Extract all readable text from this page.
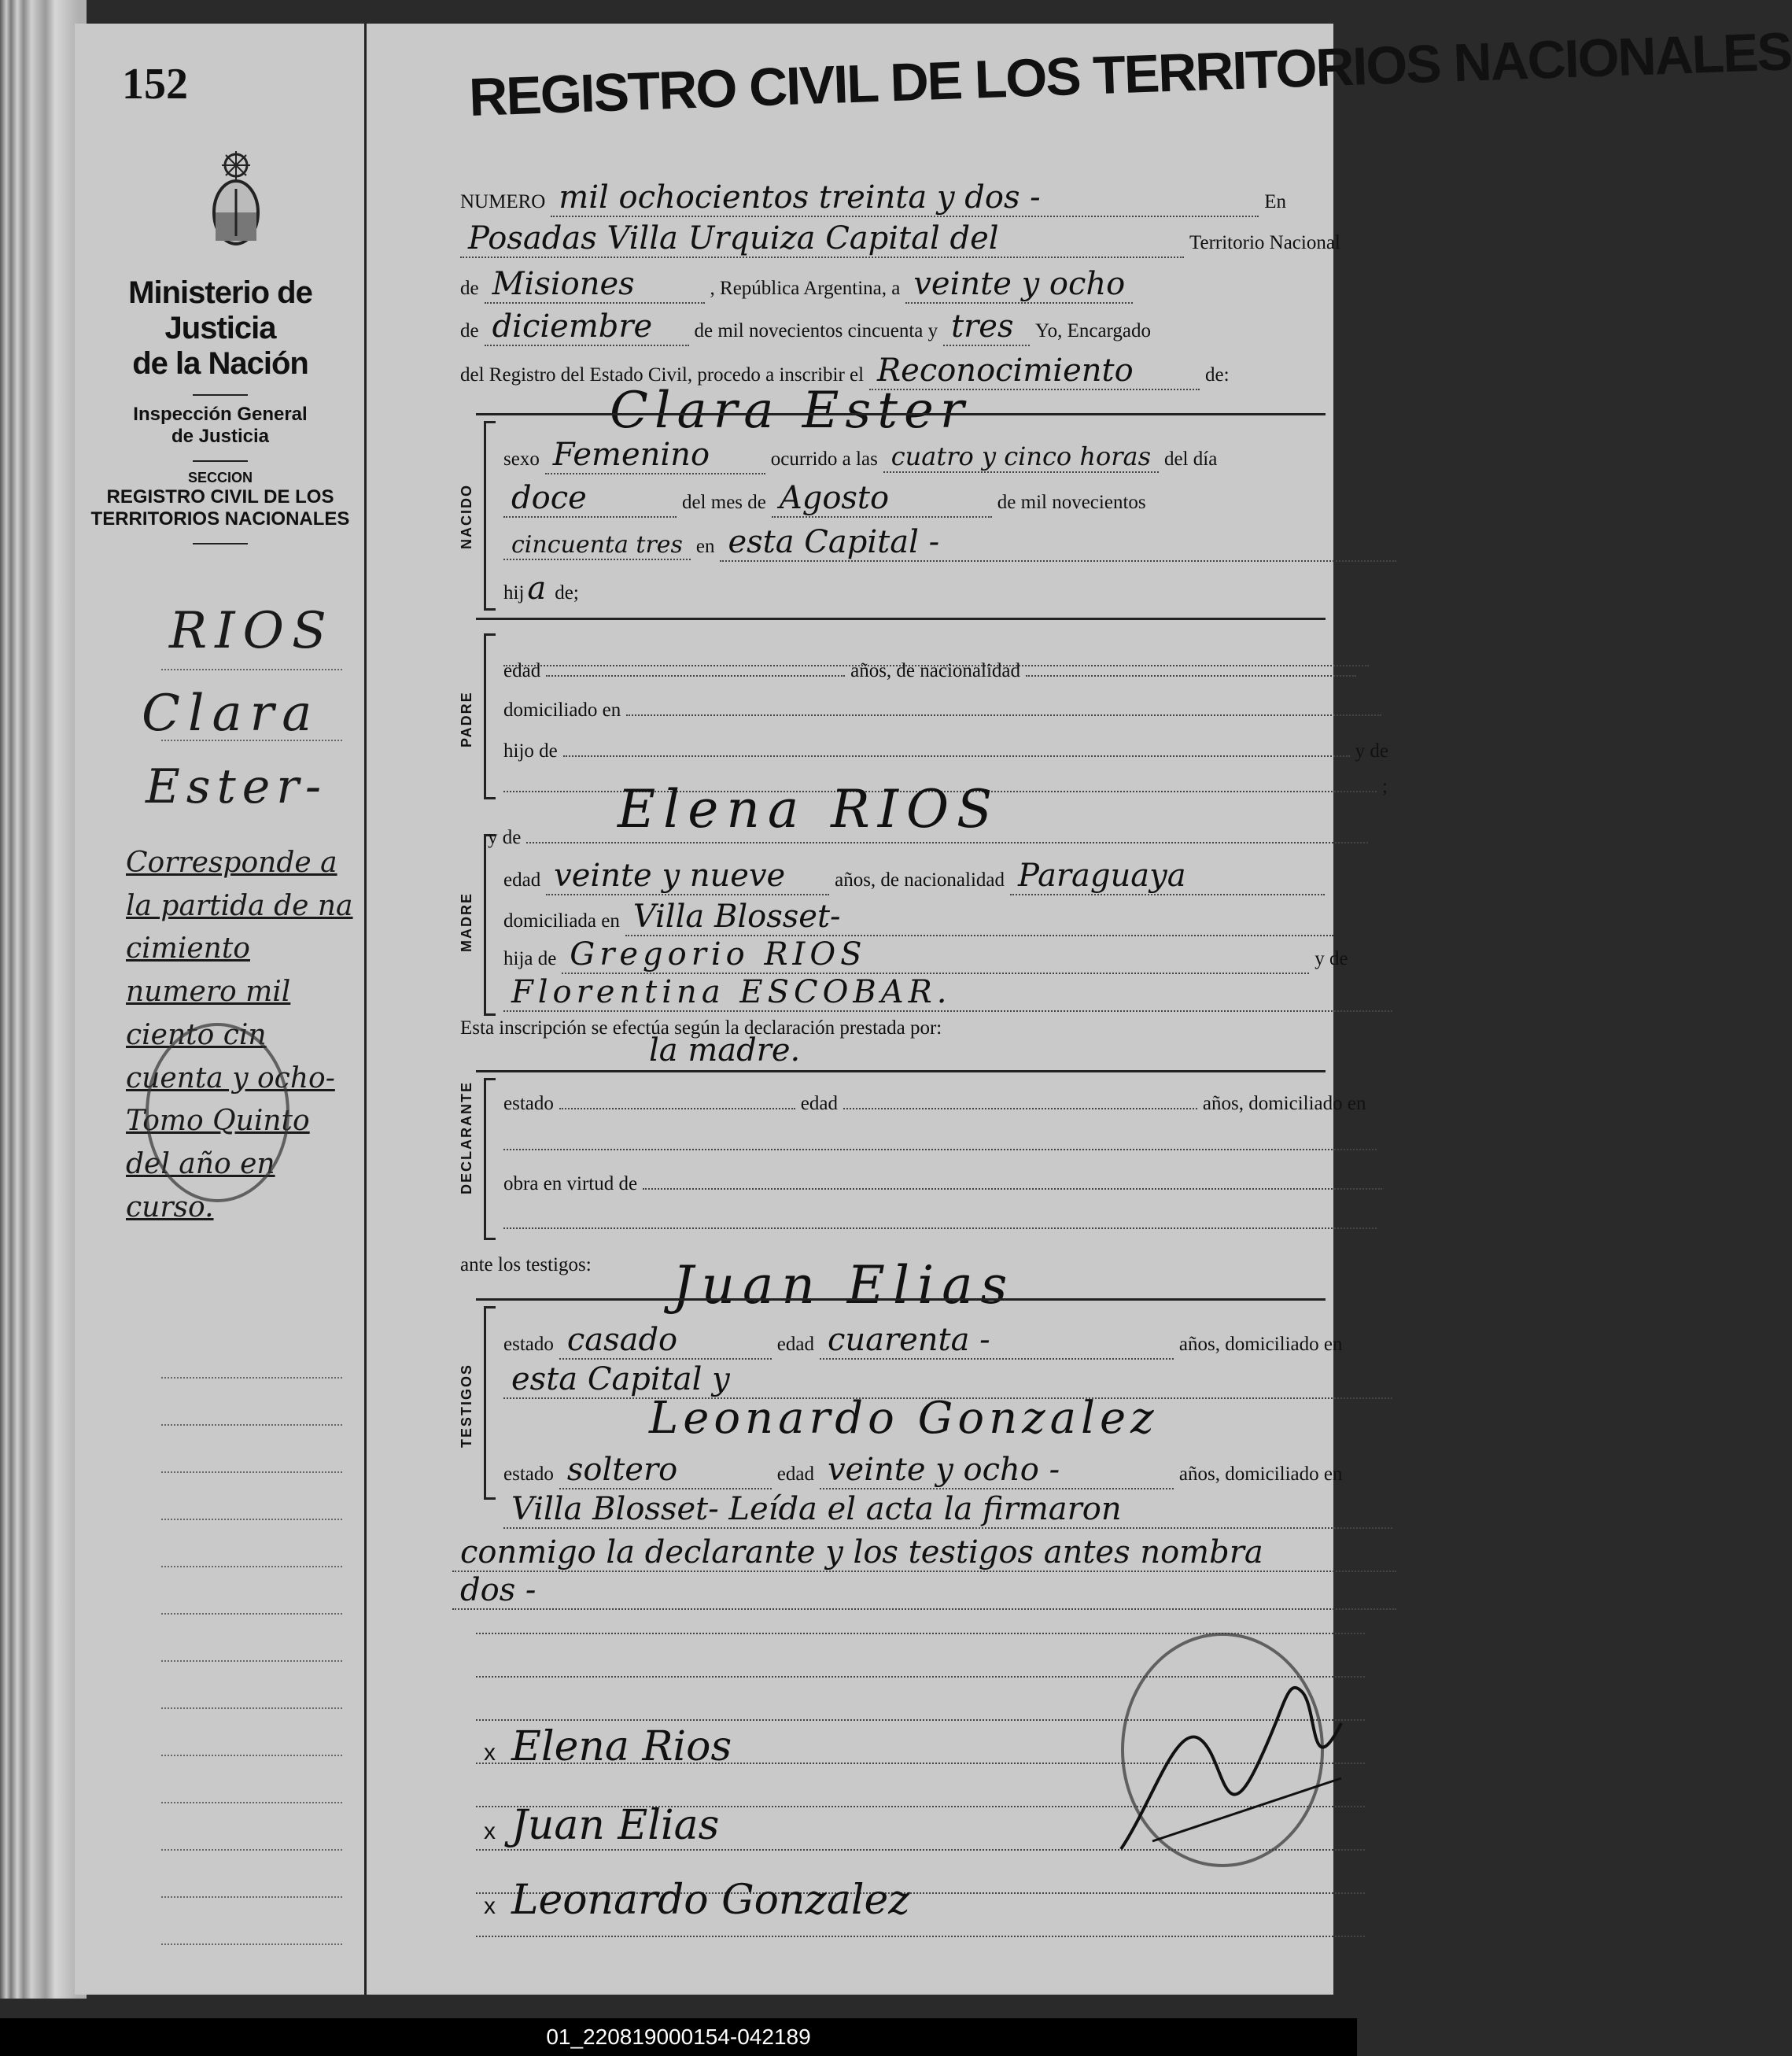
152
Ministerio de Justicia
de la Nación
Inspección General
de Justicia
SECCION
REGISTRO CIVIL DE LOS
TERRITORIOS NACIONALES
RIOS
Clara
Ester-
Corresponde a la partida de na cimiento numero mil ciento cin cuenta y ocho- Tomo Quinto del año en curso.
REGISTRO CIVIL DE LOS TERRITORIOS NACIONALES
NUMERO mil ochocientos treinta y dos -	En
Posadas Villa Urquiza Capital del	Territorio Nacional
de Misiones	, República Argentina, a veinte y ocho
de diciembre de mil novecientos cincuenta y tres Yo, Encargado
del Registro del Estado Civil, procedo a inscribir el Reconocimiento	de:
Clara Ester
NACIDO
sexo Femenino	ocurrido a las cuatro y cinco horas del día
doce	del mes de Agosto	de mil novecientos
cincuenta tres en esta Capital -
hij a de;
PADRE
edad	años, de nacionalidad
domiciliado en
hijo de	y de
;
Elena RIOS
MADRE
y de
edad veinte y nueve	años, de nacionalidad Paraguaya
domiciliada en Villa Blosset-
hija de Gregorio RIOS	y de
Florentina ESCOBAR.
Esta inscripción se efectúa según la declaración prestada por:
la madre.
DECLARANTE estado	edad	años, domiciliado en
obra en virtud de
ante los testigos:	Juan Elias
TESTIGOS
estado casado	edad cuarenta -	años, domiciliado en
esta Capital y
Leonardo Gonzalez
estado soltero	edad veinte y ocho -	años, domiciliado en
Villa Blosset- Leída el acta la firmaron
conmigo la declarante y los testigos antes nombra
dos -
x Elena Rios
x Juan Elias
x Leonardo Gonzalez
01_220819000154-042189
